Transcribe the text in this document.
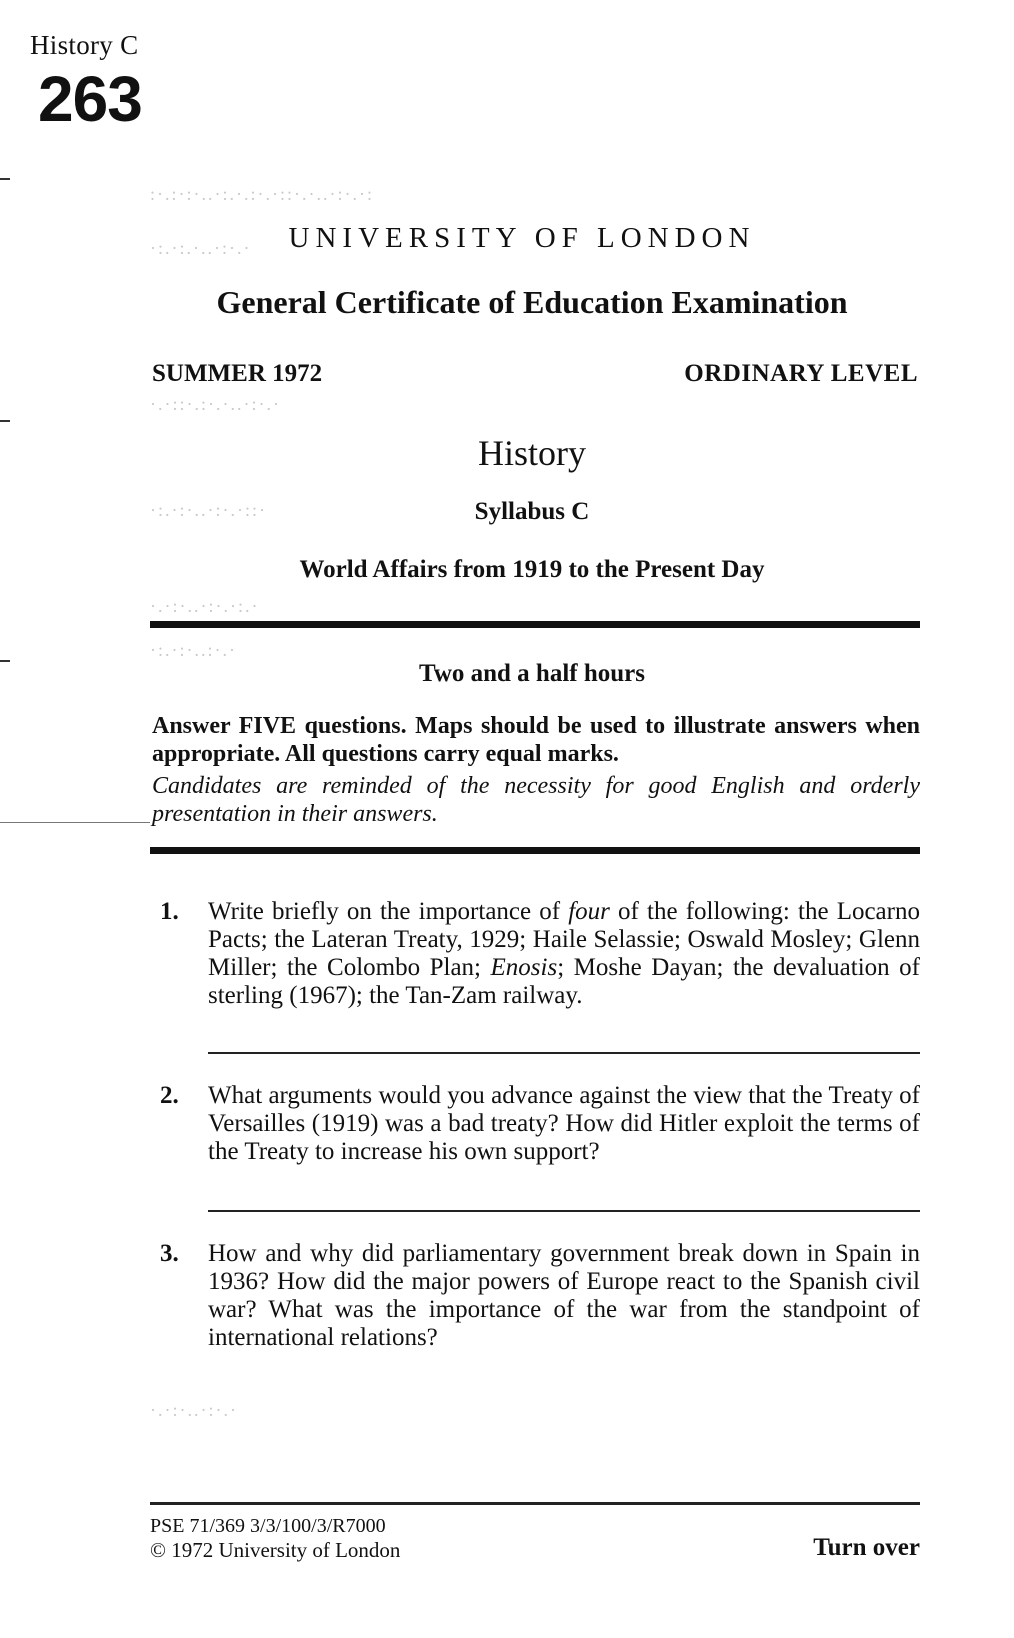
History C
263
:·.:·:·..·:.·.:·.·::·.·..·:·.·:
·:.·:.·..·:·.·
·.·::·.:·.·..·:·.·
·:.·:·..·:·.·::·
·.·:·..·:·.·:.·
·:.·:·..:·.·
·.·:·..·:·.·
UNIVERSITY OF LONDON
General Certificate of Education Examination
SUMMER 1972	ORDINARY LEVEL
History
Syllabus C
World Affairs from 1919 to the Present Day
Two and a half hours
Answer FIVE questions. Maps should be used to illustrate answers when appropriate. All questions carry equal marks.
Candidates are reminded of the necessity for good English and orderly presentation in their answers.
1.	Write briefly on the importance of four of the following: the Locarno Pacts; the Lateran Treaty, 1929; Haile Selassie; Oswald Mosley; Glenn Miller; the Colombo Plan; Enosis; Moshe Dayan; the devaluation of sterling (1967); the Tan-Zam railway.
2.	What arguments would you advance against the view that the Treaty of Versailles (1919) was a bad treaty? How did Hitler exploit the terms of the Treaty to increase his own support?
3.	How and why did parliamentary government break down in Spain in 1936? How did the major powers of Europe react to the Spanish civil war? What was the importance of the war from the standpoint of international relations?
PSE 71/369 3/3/100/3/R7000
© 1972 University of London	Turn over
